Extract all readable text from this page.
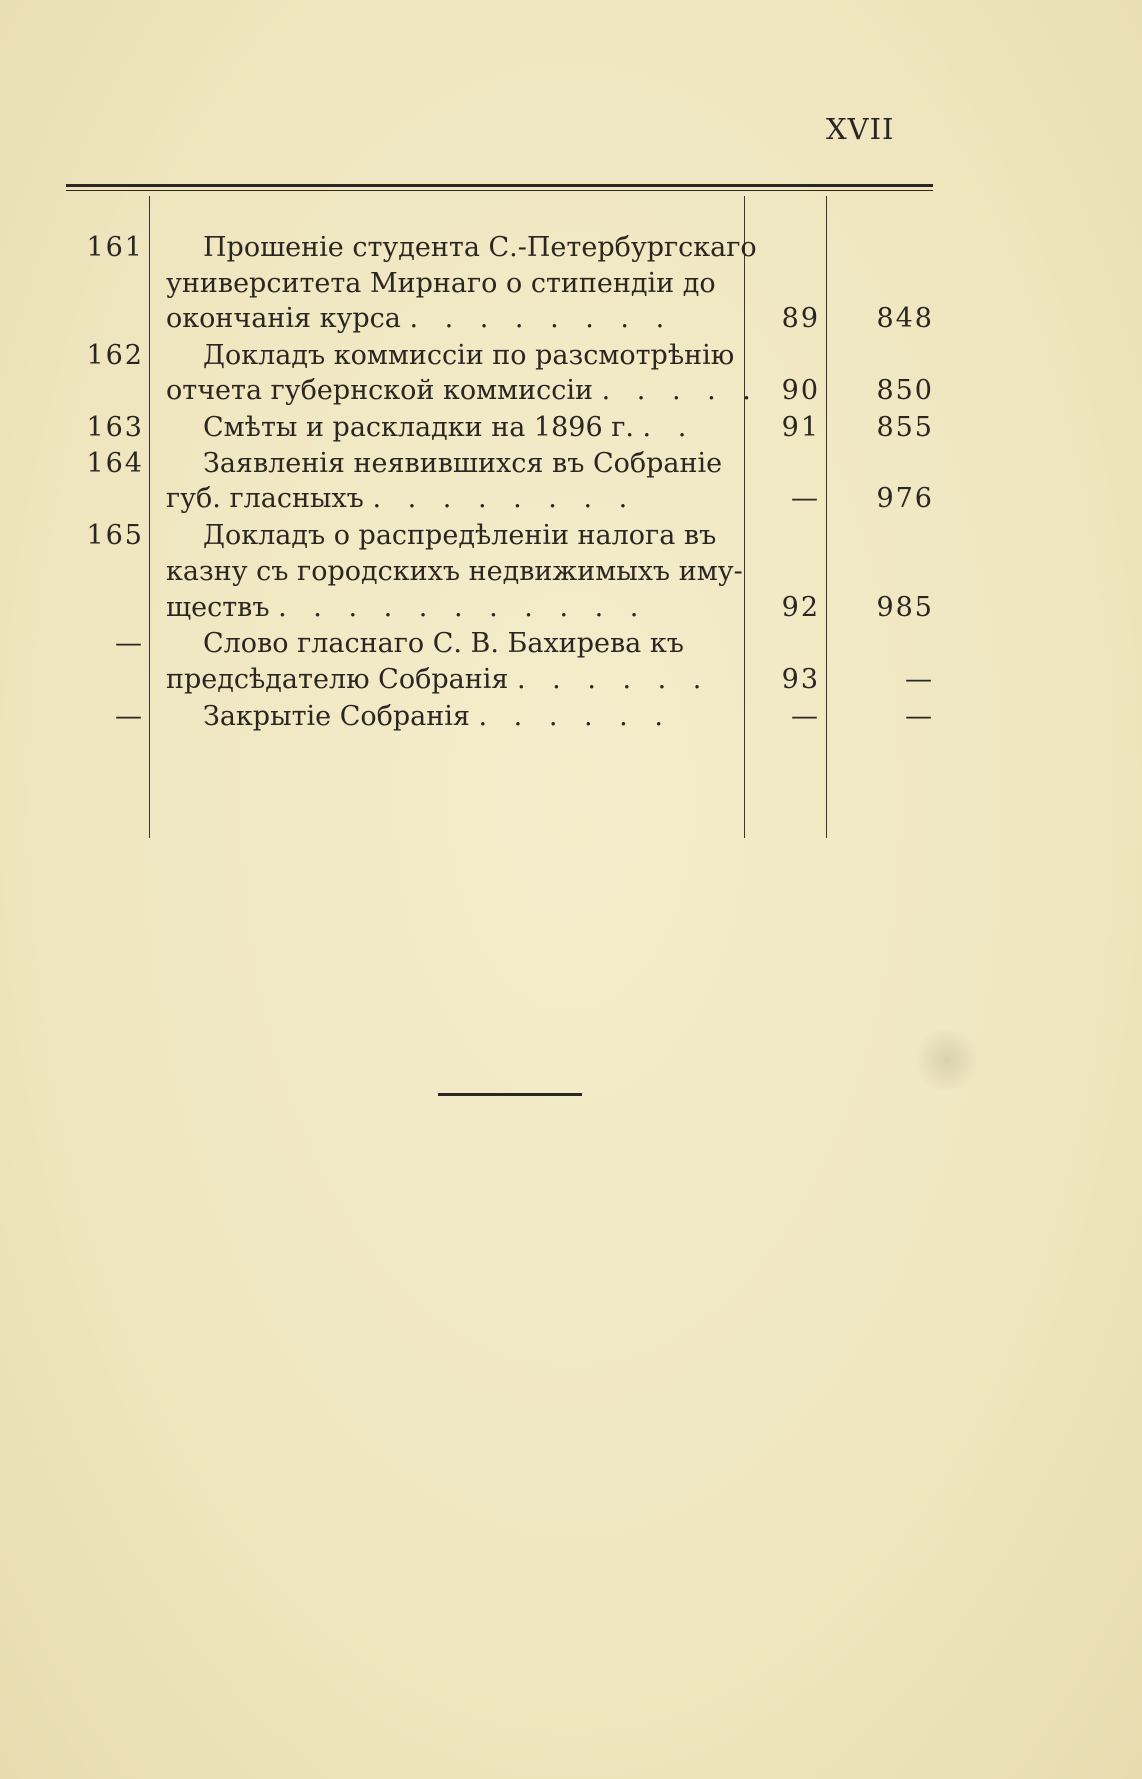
XVII
161 Прошеніе студента С.-Петербургскаго
университета Мирнаго о стипендіи до
окончанія курса . . . . . . . .	89	848
162 Докладъ коммиссіи по разсмотрѣнію
отчета губернской коммиссіи . . . . . 90	850
163 Смѣты и раскладки на 1896 г. . .	91	855
164 Заявленія неявившихся въ Собраніе
губ. гласныхъ . . . . . . . .	—	976
165 Докладъ о распредѣленіи налога въ
казну съ городскихъ недвижимыхъ иму-
ществъ . . . . . . . . . . .	92	985
— Слово гласнаго С. В. Бахирева къ
предсѣдателю Собранія . . . . . .	93	—
— Закрытіе Собранія . . . . . .	—	—
